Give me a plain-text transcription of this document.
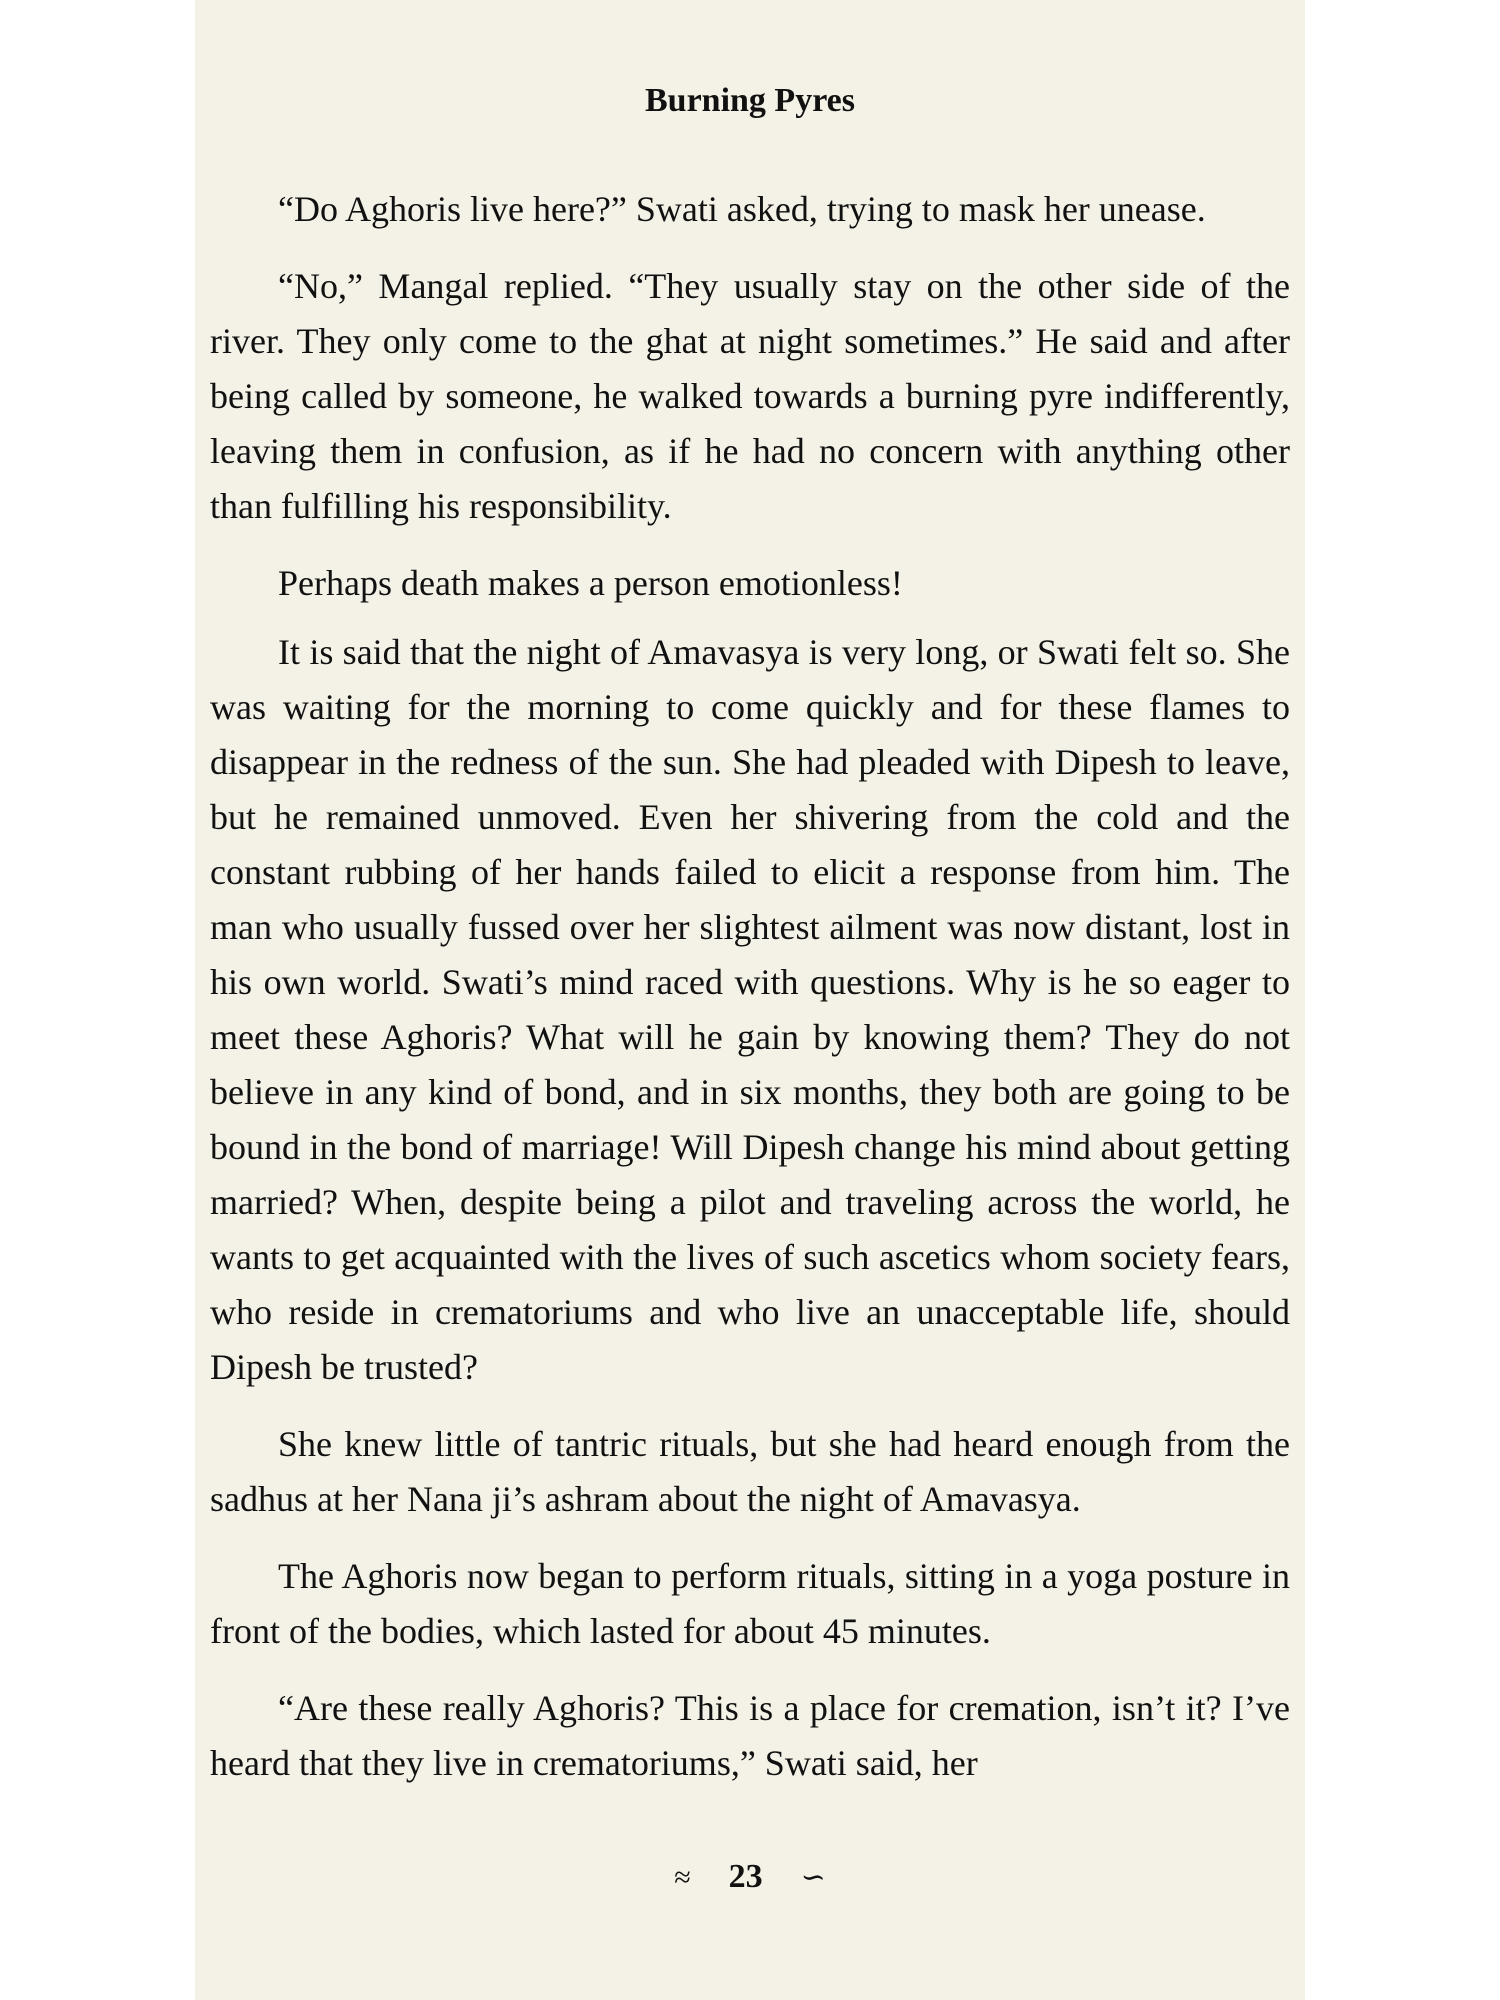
Burning Pyres

“Do Aghoris live here?” Swati asked, trying to mask her unease.

“No,” Mangal replied. “They usually stay on the other side of the river. They only come to the ghat at night sometimes.” He said and after being called by someone, he walked towards a burning pyre indifferently, leaving them in confusion, as if he had no concern with anything other than fulfilling his responsibility.

Perhaps death makes a person emotionless!

It is said that the night of Amavasya is very long, or Swati felt so. She was waiting for the morning to come quickly and for these flames to disappear in the redness of the sun. She had pleaded with Dipesh to leave, but he remained unmoved. Even her shivering from the cold and the constant rubbing of her hands failed to elicit a response from him. The man who usually fussed over her slightest ailment was now distant, lost in his own world. Swati’s mind raced with questions. Why is he so eager to meet these Aghoris? What will he gain by knowing them? They do not believe in any kind of bond, and in six months, they both are going to be bound in the bond of marriage! Will Dipesh change his mind about getting married? When, despite being a pilot and traveling across the world, he wants to get acquainted with the lives of such ascetics whom society fears, who reside in crematoriums and who live an unacceptable life, should Dipesh be trusted?

She knew little of tantric rituals, but she had heard enough from the sadhus at her Nana ji’s ashram about the night of Amavasya.

The Aghoris now began to perform rituals, sitting in a yoga posture in front of the bodies, which lasted for about 45 minutes.

“Are these really Aghoris? This is a place for cremation, isn’t it? I’ve heard that they live in crematoriums,” Swati said, her

≈ 23 ∽
